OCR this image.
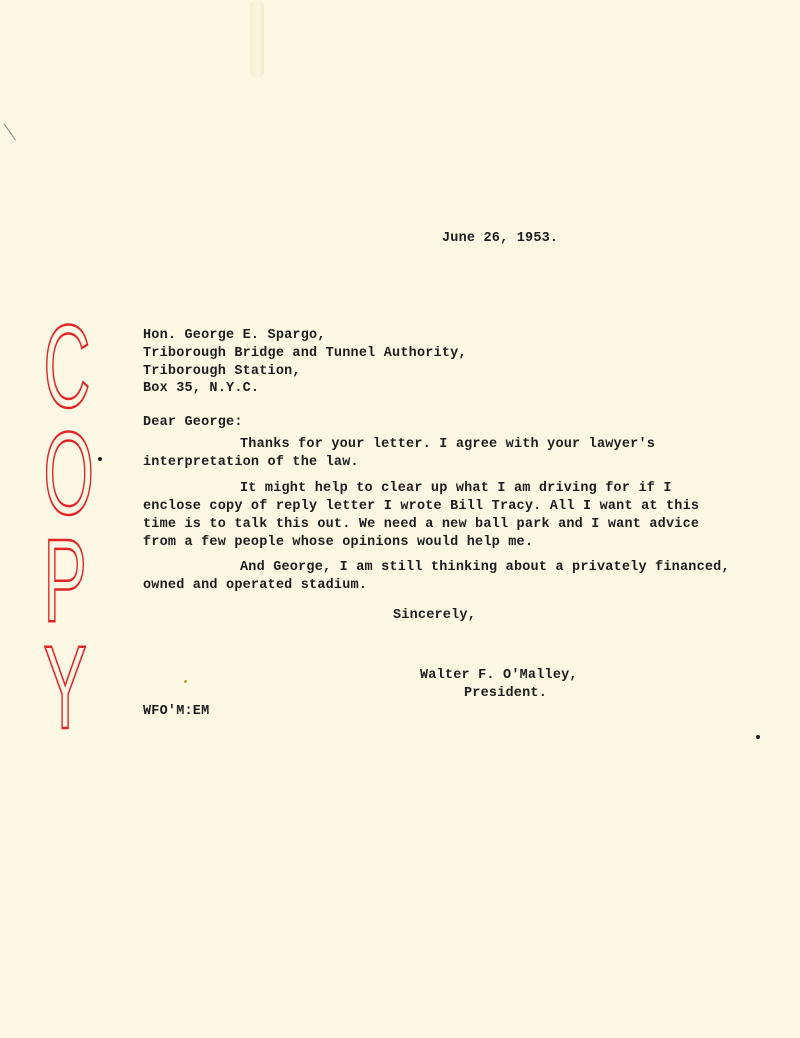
C
O
P
Y
June 26, 1953.
Hon. George E. Spargo,
Triborough Bridge and Tunnel Authority,
Triborough Station,
Box 35, N.Y.C.
Dear George:
Thanks for your letter. I agree with your lawyer's
interpretation of the law.
It might help to clear up what I am driving for if I
enclose copy of reply letter I wrote Bill Tracy. All I want at this
time is to talk this out. We need a new ball park and I want advice
from a few people whose opinions would help me.
And George, I am still thinking about a privately financed,
owned and operated stadium.
Sincerely,
Walter F. O'Malley,
President.
WFO'M:EM
